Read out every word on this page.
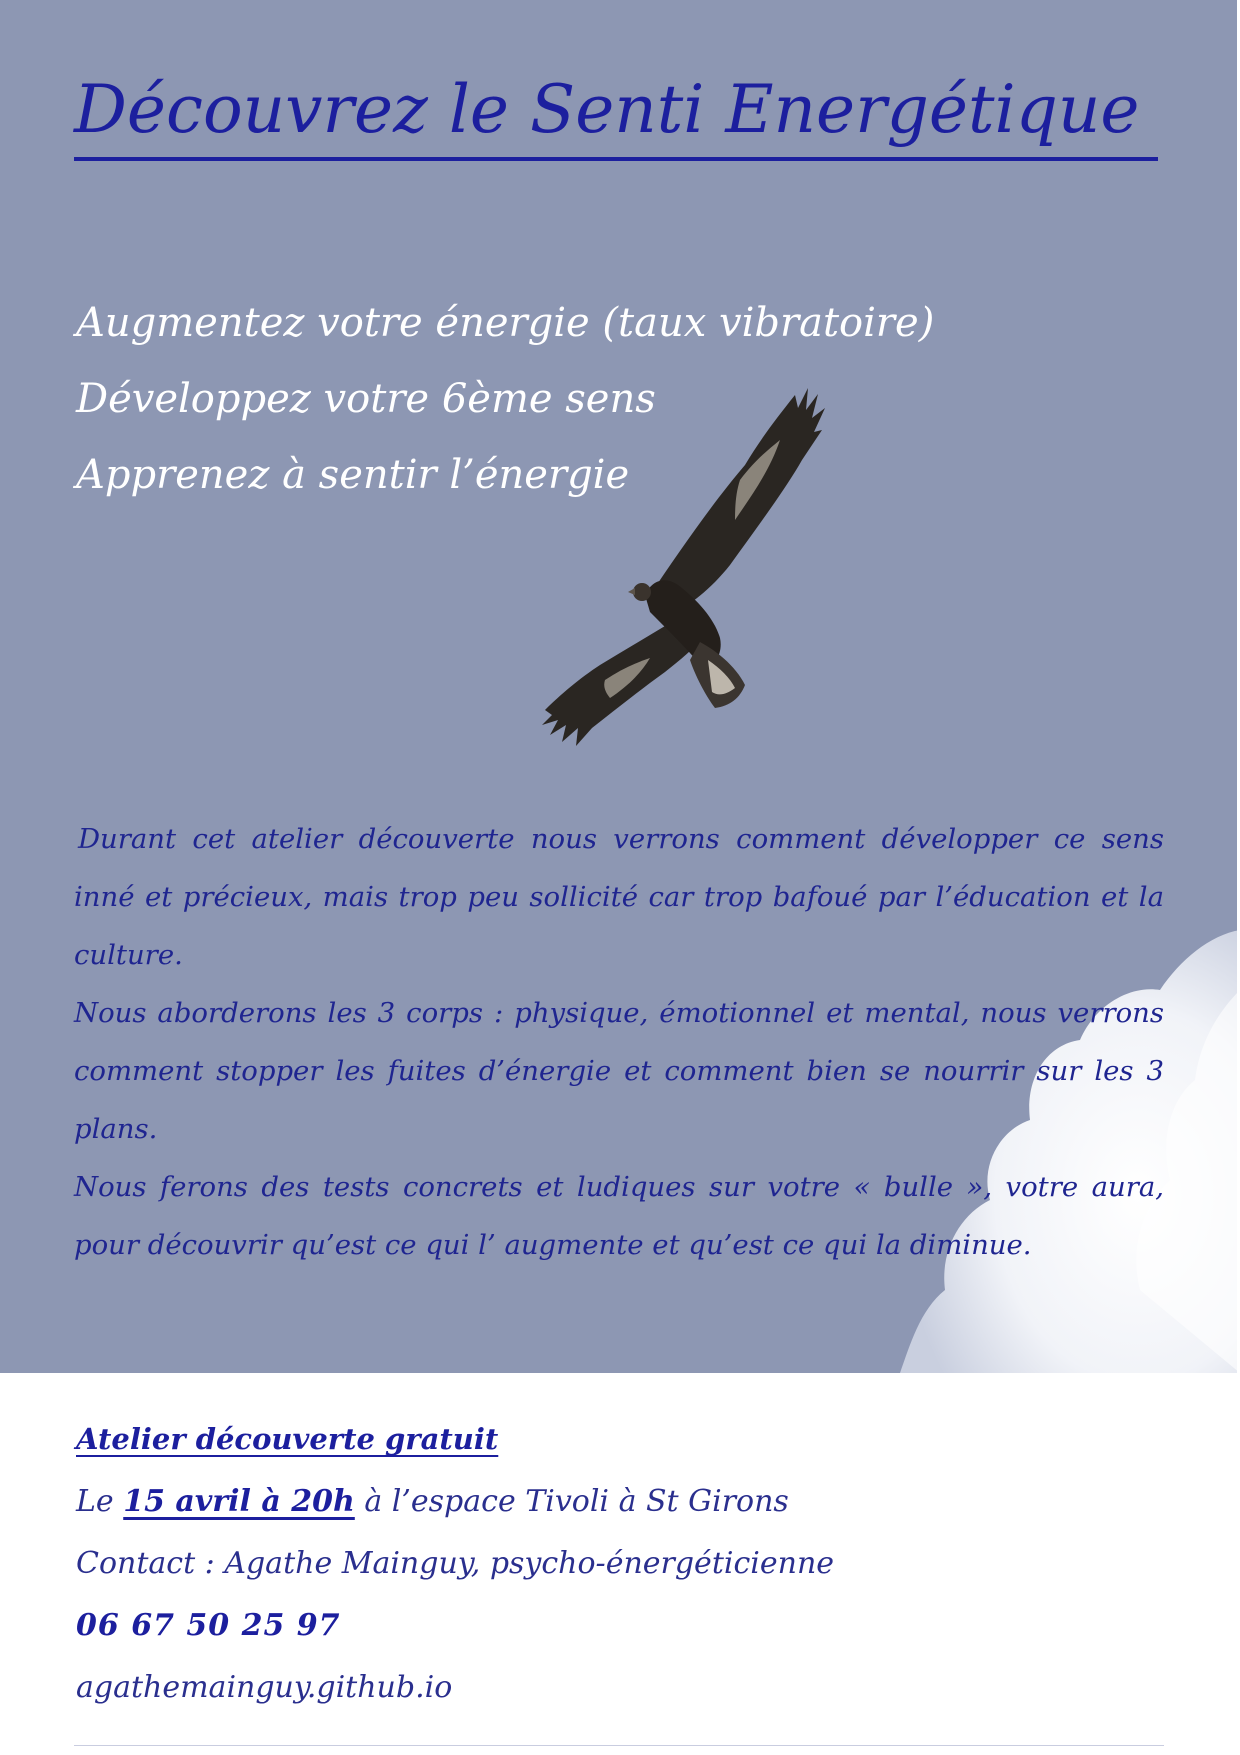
Découvrez le Senti Energétique
Augmentez votre énergie (taux vibratoire)
Développez votre 6ème sens
Apprenez à sentir l’énergie

Durant cet atelier découverte nous verrons comment développer ce sens inné et précieux, mais trop peu sollicité car trop bafoué par l’éducation et la culture.

Nous aborderons les 3 corps : physique, émotionnel et mental, nous verrons comment stopper les fuites d’énergie et comment bien se nourrir sur les 3 plans.

Nous ferons des tests concrets et ludiques sur votre « bulle », votre aura, pour découvrir qu’est ce qui l’ augmente et qu’est ce qui la diminue.

Atelier découverte gratuit
Le 15 avril à 20h à l’espace Tivoli à St Girons
Contact : Agathe Mainguy, psycho-énergéticienne
06 67 50 25 97
agathemainguy.github.io
